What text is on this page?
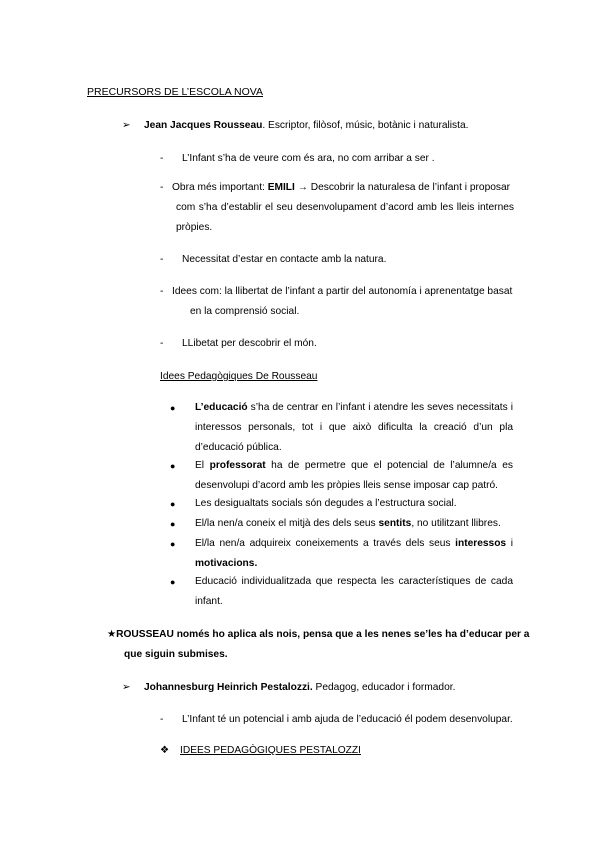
PRECURSORS DE L’ESCOLA NOVA
➢ Jean Jacques Rousseau. Escriptor, filòsof, músic, botànic i naturalista.
- L’Infant s’ha de veure com és ara, no com arribar a ser .
- Obra més important: EMILI → Descobrir la naturalesa de l’infant i proposar
com s’ha d’establir el seu desenvolupament d’acord amb les lleis internes
pròpies.
- Necessitat d’estar en contacte amb la natura.
- Idees com: la llibertat de l’infant a partir del autonomía i aprenentatge basat
en la comprensió social.
- LLibetat per descobrir el món.
Idees Pedagògiques De Rousseau
● L’educació s’ha de centrar en l’infant i atendre les seves necessitats i
interessos personals, tot i que això dificulta la creació d’un pla
d’educació pública.
● El professorat ha de permetre que el potencial de l’alumne/a es
desenvolupi d’acord amb les pròpies lleis sense imposar cap patró.
● Les desigualtats socials són degudes a l’estructura social.
● El/la nen/a coneix el mitjà des dels seus sentits, no utilitzant llibres.
● El/la nen/a adquireix coneixements a través dels seus interessos i
motivacions.
● Educació individualitzada que respecta les característiques de cada
infant.
★ROUSSEAU només ho aplica als nois, pensa que a les nenes se’les ha d’educar per a
que siguin submises.
➢ Johannesburg Heinrich Pestalozzi. Pedagog, educador i formador.
- L’Infant té un potencial i amb ajuda de l’educació él podem desenvolupar.
❖ IDEES PEDAGÒGIQUES PESTALOZZI
